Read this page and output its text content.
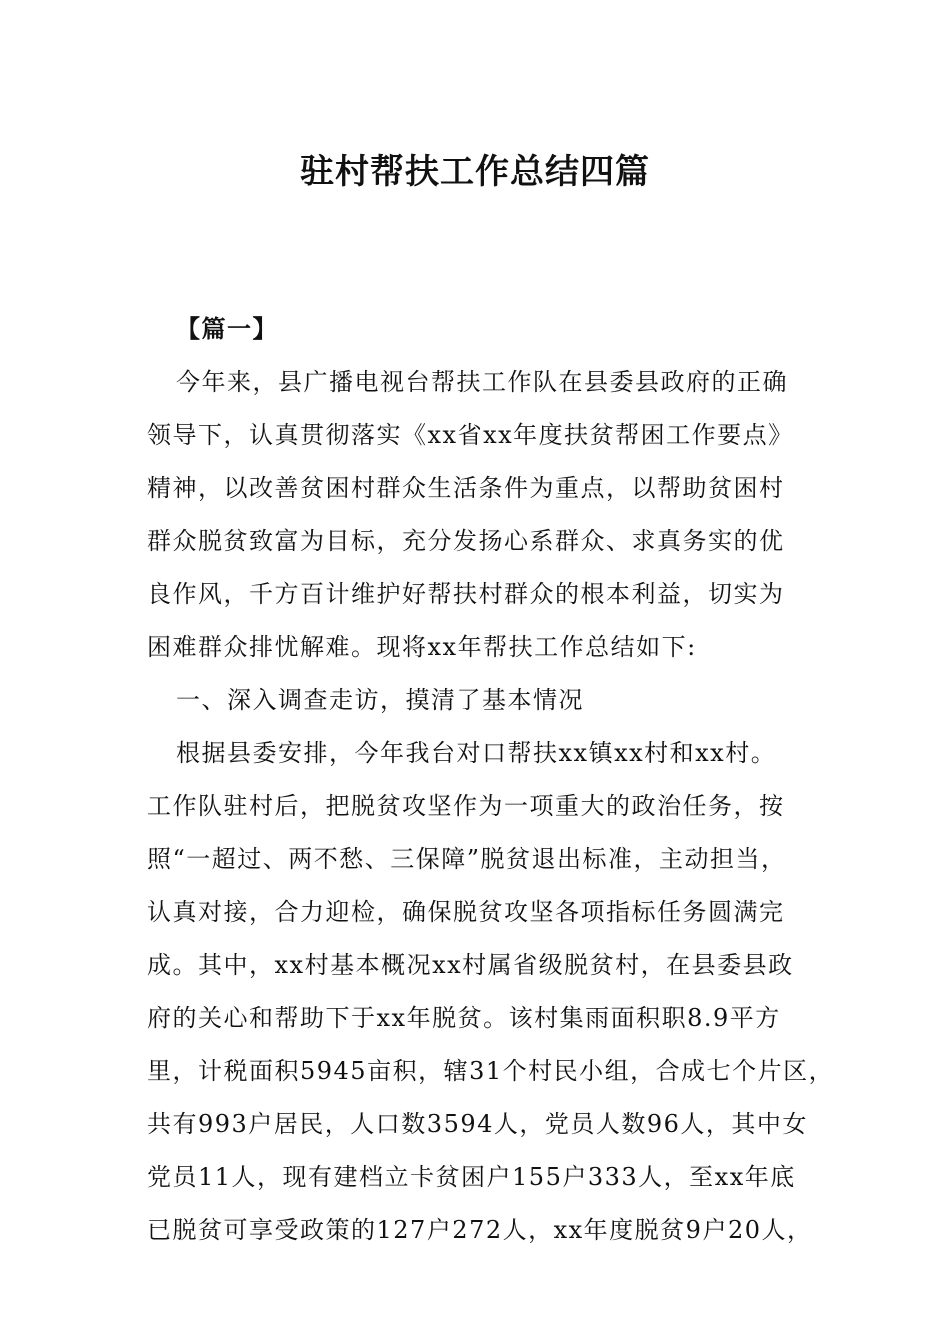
驻村帮扶工作总结四篇
【篇一】
今年来，县广播电视台帮扶工作队在县委县政府的正确
领导下，认真贯彻落实《xx省xx年度扶贫帮困工作要点》
精神，以改善贫困村群众生活条件为重点，以帮助贫困村
群众脱贫致富为目标，充分发扬心系群众、求真务实的优
良作风，千方百计维护好帮扶村群众的根本利益，切实为
困难群众排忧解难。现将xx年帮扶工作总结如下:
一、深入调查走访，摸清了基本情况
根据县委安排，今年我台对口帮扶xx镇xx村和xx村。
工作队驻村后，把脱贫攻坚作为一项重大的政治任务，按
照“一超过、两不愁、三保障”脱贫退出标准，主动担当，
认真对接，合力迎检，确保脱贫攻坚各项指标任务圆满完
成。其中，xx村基本概况xx村属省级脱贫村，在县委县政
府的关心和帮助下于xx年脱贫。该村集雨面积职8.9平方
里，计税面积5945亩积，辖31个村民小组，合成七个片区，
共有993户居民，人口数3594人，党员人数96人，其中女
党员11人，现有建档立卡贫困户155户333人，至xx年底
已脱贫可享受政策的127户272人，xx年度脱贫9户20人，
